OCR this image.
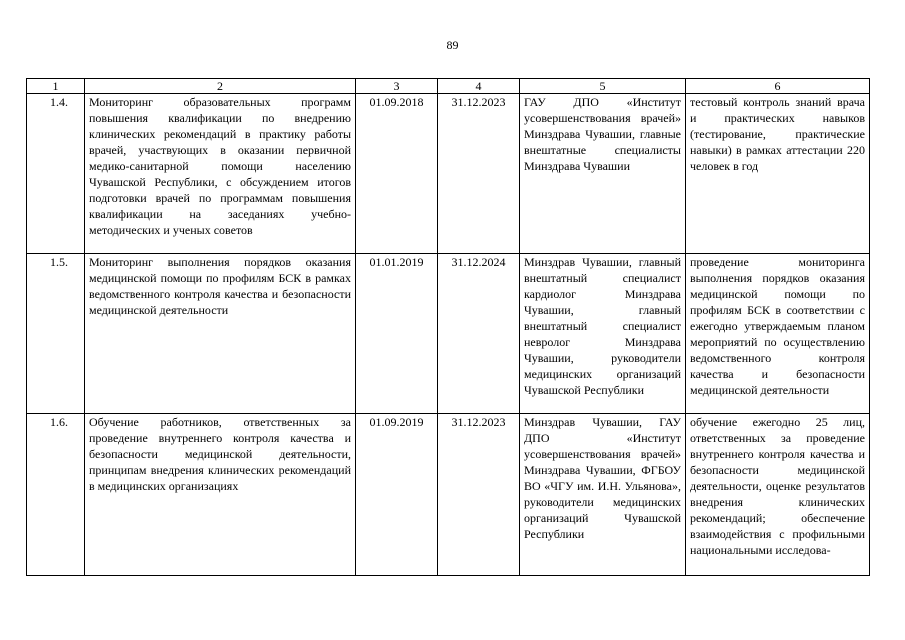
89
1	2	3	4	5	6
1.4.	Мониторинг образовательных программ повышения квалификации по внедрению клинических рекомендаций в практику работы врачей, участвующих в оказании первичной медико-санитарной помощи населению Чувашской Республики, с обсуждением итогов подготовки врачей по программам повышения квалификации на заседаниях учебно-методических и ученых советов	01.09.2018	31.12.2023	ГАУ ДПО «Институт усовершенствования врачей» Минздрава Чувашии, главные внештатные специалисты Минздрава Чувашии	тестовый контроль знаний врача и практических навыков (тестирование, практические навыки) в рамках аттестации 220 человек в год
1.5.	Мониторинг выполнения порядков оказания медицинской помощи по профилям БСК в рамках ведомственного контроля качества и безопасности медицинской деятельности	01.01.2019	31.12.2024	Минздрав Чувашии, главный внештатный специалист кардиолог Минздрава Чувашии, главный внештатный специалист невролог Минздрава Чувашии, руководители медицинских организаций Чувашской Республики	проведение мониторинга выполнения порядков оказания медицинской помощи по профилям БСК в соответствии с ежегодно утверждаемым планом мероприятий по осуществлению ведомственного контроля качества и безопасности медицинской деятельности
1.6.	Обучение работников, ответственных за проведение внутреннего контроля качества и безопасности медицинской деятельности, принципам внедрения клинических рекомендаций в медицинских организациях	01.09.2019	31.12.2023	Минздрав Чувашии, ГАУ ДПО «Институт усовершенствования врачей» Минздрава Чувашии, ФГБОУ ВО «ЧГУ им. И.Н. Ульянова», руководители медицинских организаций Чувашской Республики	обучение ежегодно 25 лиц, ответственных за проведение внутреннего контроля качества и безопасности медицинской деятельности, оценке результатов внедрения клинических рекомендаций; обеспечение взаимодействия с профильными национальными исследова-
